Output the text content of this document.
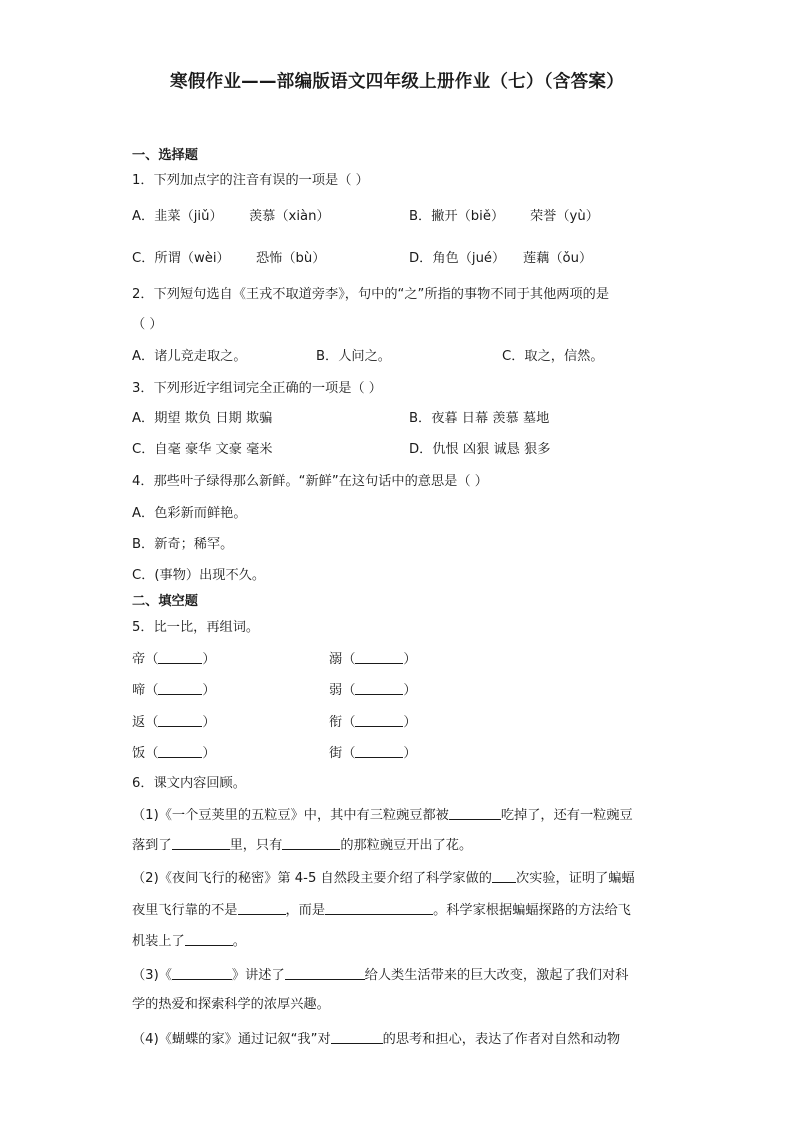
寒假作业——部编版语文四年级上册作业（七）（含答案）
一、选择题
1．下列加点字的注音有误的一项是（ ）
A．韭菜（jiǔ） 羡慕（xiàn）	B．撇开（biě） 荣誉（yù）
C．所谓（wèi） 恐怖（bù）	D．角色（jué） 莲藕（ǒu）
2．下列短句选自《王戎不取道旁李》，句中的“之”所指的事物不同于其他两项的是
（ ）
A．诸儿竞走取之。	B．人问之。	C．取之，信然。
3．下列形近字组词完全正确的一项是（ ）
A．期望 欺负 日期 欺骗	B．夜暮 日幕 羡慕 墓地
C．自毫 豪华 文豪 毫米	D．仇恨 凶狠 诚恳 狠多
4．那些叶子绿得那么新鲜。“新鲜”在这句话中的意思是（ ）
A．色彩新而鲜艳。
B．新奇；稀罕。
C．(事物）出现不久。
二、填空题
5．比一比，再组词。
帝（	）	溺（	）
啼（	）	弱（	）
返（	）	衔（	）
饭（	）	街（	）
6．课文内容回顾。
（1)《一个豆荚里的五粒豆》中，其中有三粒豌豆都被	吃掉了，还有一粒豌豆
落到了	里，只有	的那粒豌豆开出了花。
（2)《夜间飞行的秘密》第 4-5 自然段主要介绍了科学家做的 次实验，证明了蝙蝠
夜里飞行靠的不是	，而是	。科学家根据蝙蝠探路的方法给飞
机装上了	。
（3)《	》讲述了	给人类生活带来的巨大改变，激起了我们对科
学的热爱和探索科学的浓厚兴趣。
（4)《蝴蝶的家》通过记叙“我”对	的思考和担心，表达了作者对自然和动物
